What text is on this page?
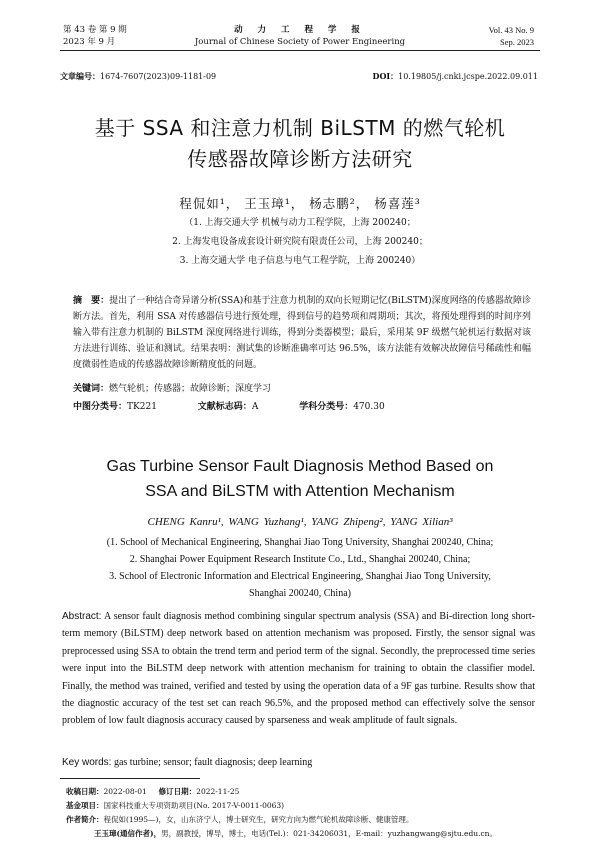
第 43 卷 第 9 期
2023 年 9 月
动 力 工 程 学 报
Journal of Chinese Society of Power Engineering
Vol. 43 No. 9
Sep. 2023
文章编号：1674-7607(2023)09-1181-09	DOI：10.19805/j.cnki.jcspe.2022.09.011
基于 SSA 和注意力机制 BiLSTM 的燃气轮机
传感器故障诊断方法研究
程侃如¹， 王玉璋¹， 杨志鹏²， 杨喜莲³
（1. 上海交通大学 机械与动力工程学院，上海 200240；
2. 上海发电设备成套设计研究院有限责任公司，上海 200240；
3. 上海交通大学 电子信息与电气工程学院，上海 200240）
摘　要：提出了一种结合奇异谱分析(SSA)和基于注意力机制的双向长短期记忆(BiLSTM)深度网络的传感器故障诊断方法。首先，利用 SSA 对传感器信号进行预处理，得到信号的趋势项和周期项；其次，将预处理得到的时间序列输入带有注意力机制的 BiLSTM 深度网络进行训练，得到分类器模型；最后，采用某 9F 级燃气轮机运行数据对该方法进行训练、验证和测试。结果表明：测试集的诊断准确率可达 96.5%，该方法能有效解决故障信号稀疏性和幅度微弱性造成的传感器故障诊断精度低的问题。
关键词：燃气轮机；传感器；故障诊断；深度学习
中图分类号：TK221	文献标志码：A	学科分类号：470.30
Gas Turbine Sensor Fault Diagnosis Method Based on
SSA and BiLSTM with Attention Mechanism
CHENG Kanru¹, WANG Yuzhang¹, YANG Zhipeng², YANG Xilian³
(1. School of Mechanical Engineering, Shanghai Jiao Tong University, Shanghai 200240, China;
2. Shanghai Power Equipment Research Institute Co., Ltd., Shanghai 200240, China;
3. School of Electronic Information and Electrical Engineering, Shanghai Jiao Tong University,
Shanghai 200240, China)
Abstract: A sensor fault diagnosis method combining singular spectrum analysis (SSA) and Bi-direction long short-term memory (BiLSTM) deep network based on attention mechanism was proposed. Firstly, the sensor signal was preprocessed using SSA to obtain the trend term and period term of the signal. Secondly, the preprocessed time series were input into the BiLSTM deep network with attention mechanism for training to obtain the classifier model. Finally, the method was trained, verified and tested by using the operation data of a 9F gas turbine. Results show that the diagnostic accuracy of the test set can reach 96.5%, and the proposed method can effectively solve the sensor problem of low fault diagnosis accuracy caused by sparseness and weak amplitude of fault signals.
Key words: gas turbine; sensor; fault diagnosis; deep learning
收稿日期：2022-08-01 修订日期：2022-11-25
基金项目：国家科技重大专项资助项目(No. 2017-V-0011-0063)
作者简介：程侃如(1995—)，女，山东济宁人，博士研究生，研究方向为燃气轮机故障诊断、健康管理。
王玉璋(通信作者)，男，副教授，博导，博士，电话(Tel.)：021-34206031，E-mail：yuzhangwang@sjtu.edu.cn。
